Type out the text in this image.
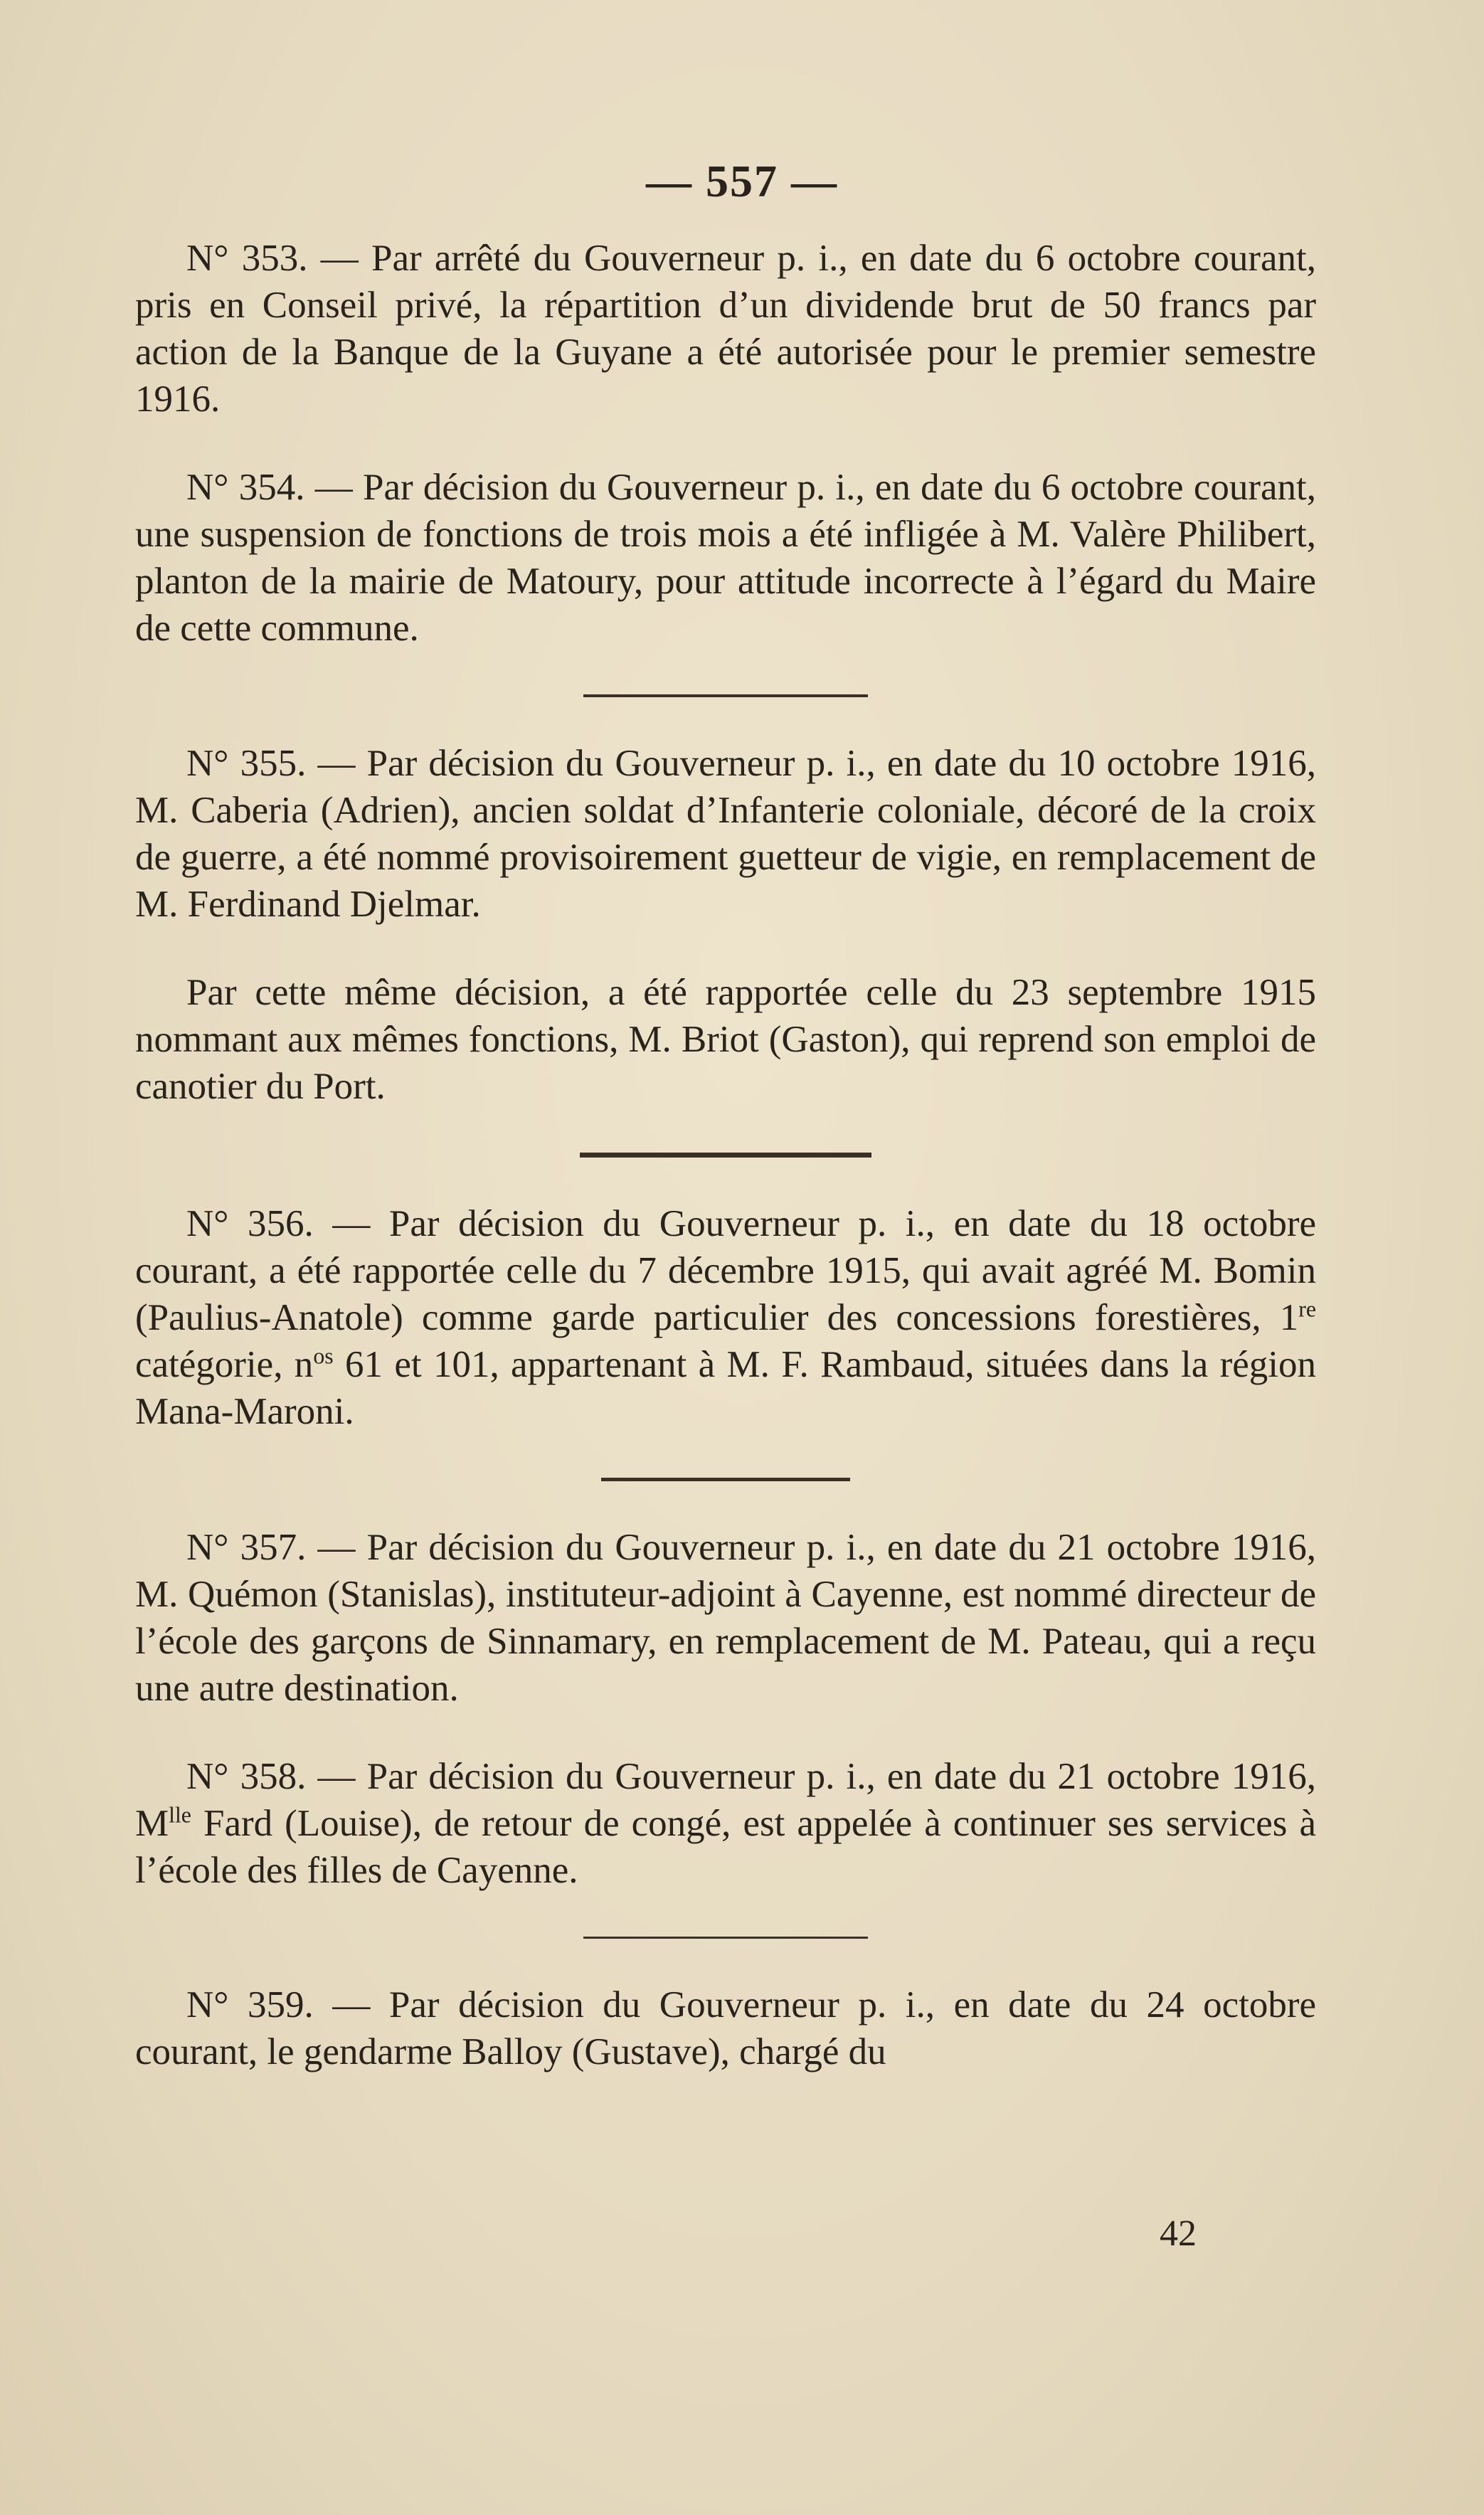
— 557 —

N° 353. — Par arrêté du Gouverneur p. i., en date du 6 octobre courant, pris en Conseil privé, la répartition d’un dividende brut de 50 francs par action de la Banque de la Guyane a été autorisée pour le premier semestre 1916.

N° 354. — Par décision du Gouverneur p. i., en date du 6 octobre courant, une suspension de fonctions de trois mois a été infligée à M. Valère Philibert, planton de la mairie de Matoury, pour attitude incorrecte à l’égard du Maire de cette commune.

N° 355. — Par décision du Gouverneur p. i., en date du 10 octobre 1916, M. Caberia (Adrien), ancien soldat d’Infanterie coloniale, décoré de la croix de guerre, a été nommé provisoirement guetteur de vigie, en remplacement de M. Ferdinand Djelmar.

Par cette même décision, a été rapportée celle du 23 septembre 1915 nommant aux mêmes fonctions, M. Briot (Gaston), qui reprend son emploi de canotier du Port.

N° 356. — Par décision du Gouverneur p. i., en date du 18 octobre courant, a été rapportée celle du 7 décembre 1915, qui avait agréé M. Bomin (Paulius-Anatole) comme garde particulier des concessions forestières, 1re catégorie, $n^{os}$ 61 et 101, appartenant à M. F. Rambaud, situées dans la région Mana-Maroni.

N° 357. — Par décision du Gouverneur p. i., en date du 21 octobre 1916, M. Quémon (Stanislas), instituteur-adjoint à Cayenne, est nommé directeur de l’école des garçons de Sinnamary, en remplacement de M. Pateau, qui a reçu une autre destination.

N° 358. — Par décision du Gouverneur p. i., en date du 21 octobre 1916, $M^{lle}$ Fard (Louise), de retour de congé, est appelée à continuer ses services à l’école des filles de Cayenne.

N° 359. — Par décision du Gouverneur p. i., en date du 24 octobre courant, le gendarme Balloy (Gustave), chargé du

42
